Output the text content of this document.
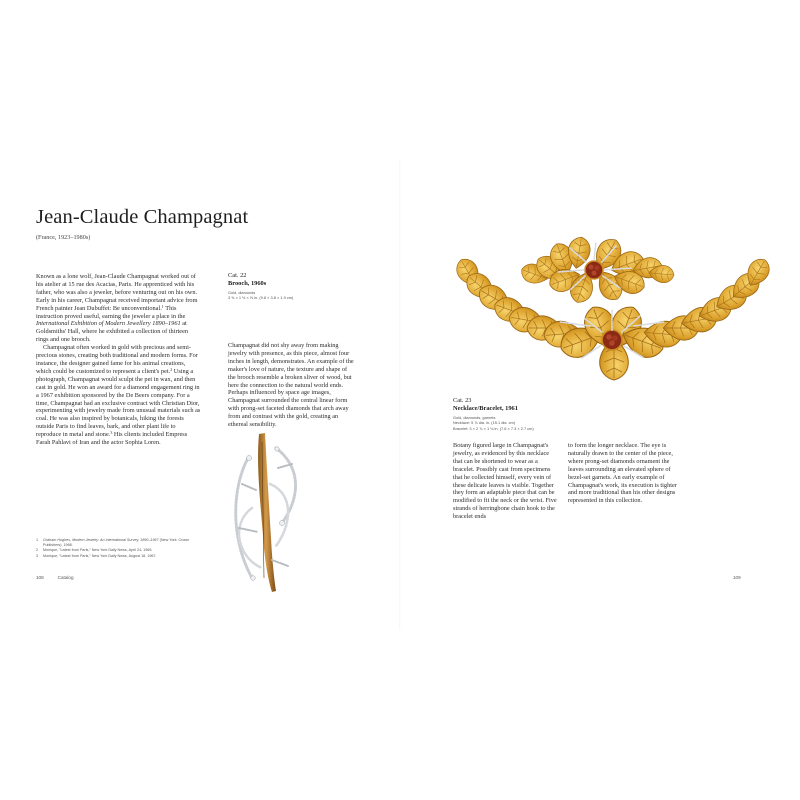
Jean-Claude Champagnat
(France, 1923–1980s)

Known as a lone wolf, Jean-Claude Champagnat worked out of his atelier at 15 rue des Acacias, Paris. He apprenticed with his father, who was also a jeweler, before venturing out on his own. Early in his career, Champagnat received important advice from French painter Jean Dubuffet: Be unconventional.$^1$ This instruction proved useful, earning the jeweler a place in the International Exhibition of Modern Jewellery 1890–1961 at Goldsmiths' Hall, where he exhibited a collection of thirteen rings and one brooch.

Champagnat often worked in gold with precious and semi-precious stones, creating both traditional and modern forms. For instance, the designer gained fame for his animal creations, which could be customized to represent a client's pet.$^2$ Using a photograph, Champagnat would sculpt the pet in wax, and then cast in gold. He won an award for a diamond engagement ring in a 1967 exhibition sponsored by the De Beers company. For a time, Champagnat had an exclusive contract with Christian Dior, experimenting with jewelry made from unusual materials such as coal. He was also inspired by botanicals, hiking the forests outside Paris to find leaves, bark, and other plant life to reproduce in metal and stone.$^3$ His clients included Empress Farah Pahlavi of Iran and the actor Sophia Loren.

Cat. 22
Brooch, 1960s
Gold, diamonds
3 ⅝ × 1 ½ × ⅝ in. (9.8 × 3.8 × 1.9 cm)
Champagnat did not shy away from making jewelry with presence, as this piece, almost four inches in length, demonstrates. An example of the maker's love of nature, the texture and shape of the brooch resemble a broken sliver of wood, but here the connection to the natural world ends. Perhaps influenced by space age images, Champagnat surrounded the central linear form with prong-set faceted diamonds that arch away from and contrast with the gold, creating an ethereal sensibility.
1	Graham Hughes, Modern Jewelry: An International Survey, 1890–1967 (New York: Crown Publishers), 1968.
2	Monique, "Latest from Paris," New York Daily News, April 24, 1965.
3	Monique, "Latest from Paris," New York Daily News, August 18, 1967.
108	Catalog
Cat. 23
Necklace/Bracelet, 1961
Gold, diamonds, garnets
Necklace: 5 ⅞ dia. in. (15.1 dia. cm)
Bracelet: 3 × 2 ⅞ × 1 ⅛ in. (7.6 × 7.3 × 2.7 cm)
Botany figured large in Champagnat's jewelry, as evidenced by this necklace that can be shortened to wear as a bracelet. Possibly cast from specimens that he collected himself, every vein of these delicate leaves is visible. Together they form an adaptable piece that can be modified to fit the neck or the wrist. Five strands of herringbone chain hook to the bracelet ends
to form the longer necklace. The eye is naturally drawn to the center of the piece, where prong-set diamonds ornament the leaves surrounding an elevated sphere of bezel-set garnets. An early example of Champagnat's work, its execution is tighter and more traditional than his other designs represented in this collection.
109
